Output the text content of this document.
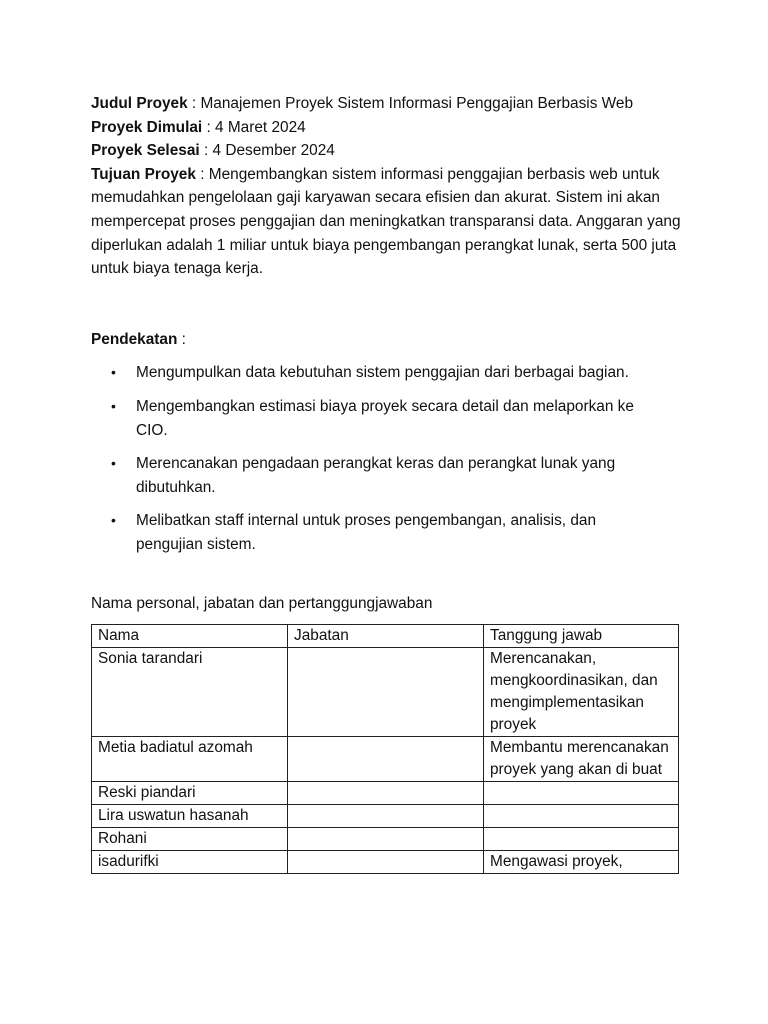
Judul Proyek : Manajemen Proyek Sistem Informasi Penggajian Berbasis Web

Proyek Dimulai : 4 Maret 2024

Proyek Selesai : 4 Desember 2024

Tujuan Proyek : Mengembangkan sistem informasi penggajian berbasis web untuk memudahkan pengelolaan gaji karyawan secara efisien dan akurat. Sistem ini akan mempercepat proses penggajian dan meningkatkan transparansi data. Anggaran yang diperlukan adalah 1 miliar untuk biaya pengembangan perangkat lunak, serta 500 juta untuk biaya tenaga kerja.

Pendekatan :

• Mengumpulkan data kebutuhan sistem penggajian dari berbagai bagian.
• Mengembangkan estimasi biaya proyek secara detail dan melaporkan ke CIO.
• Merencanakan pengadaan perangkat keras dan perangkat lunak yang dibutuhkan.
• Melibatkan staff internal untuk proses pengembangan, analisis, dan pengujian sistem.

Nama personal, jabatan dan pertanggungjawaban

Nama	Jabatan	Tanggung jawab
Sonia tarandari		Merencanakan, mengkoordinasikan, dan mengimplementasikan proyek
Metia badiatul azomah		Membantu merencanakan proyek yang akan di buat
Reski piandari		
Lira uswatun hasanah		
Rohani		
isadurifki		Mengawasi proyek,
